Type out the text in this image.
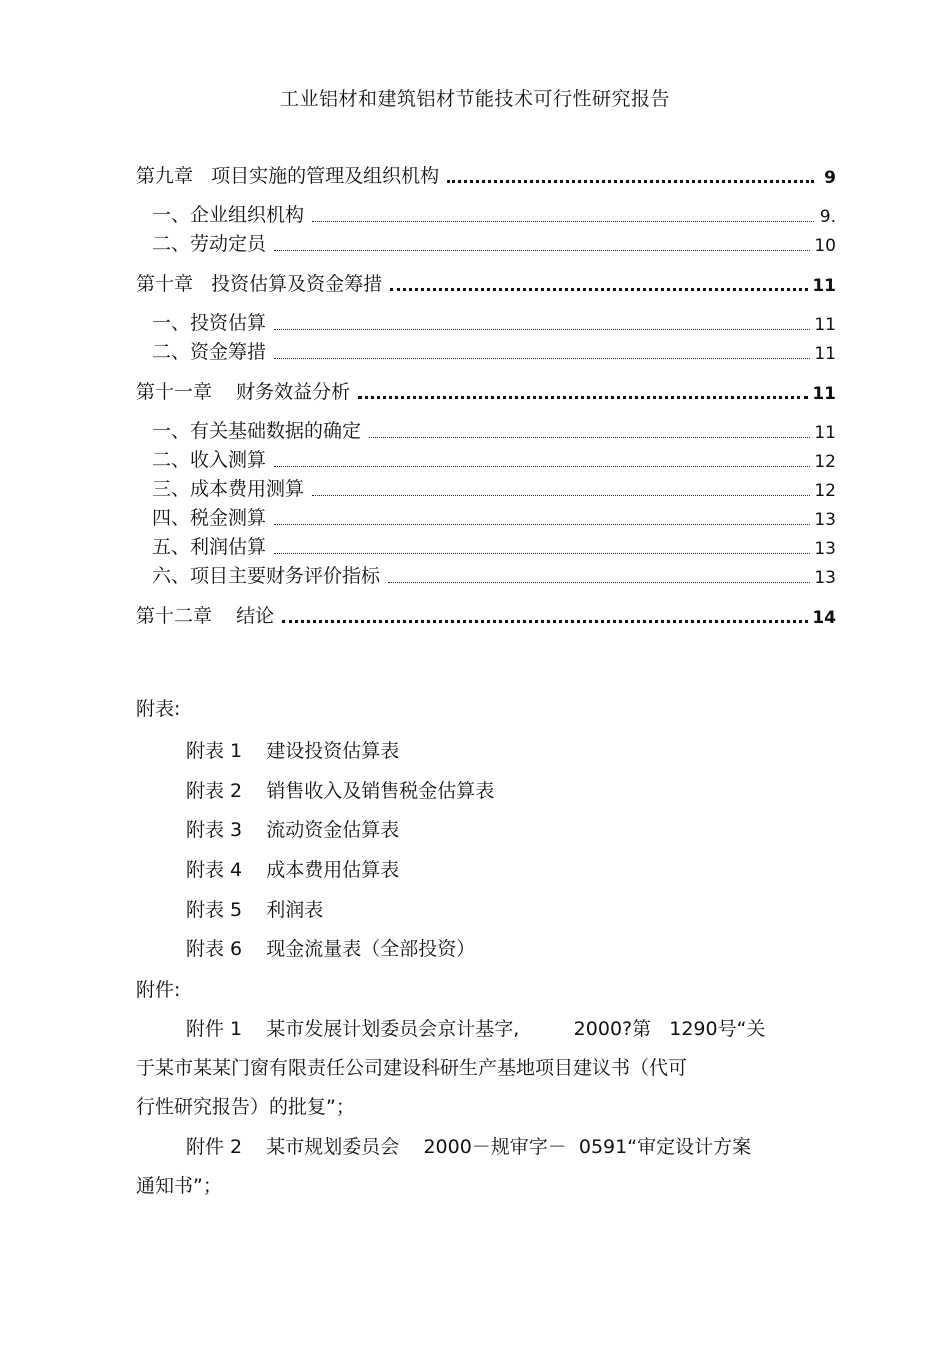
工业铝材和建筑铝材节能技术可行性研究报告
第九章   项目实施的管理及组织机构	9
一、企业组织机构	9.
二、劳动定员	10
第十章   投资估算及资金筹措	11
一、投资估算	11
二、资金筹措	11
第十一章    财务效益分析	11
一、有关基础数据的确定	11
二、收入测算	12
三、成本费用测算	12
四、税金测算	13
五、利润估算	13
六、项目主要财务评价指标	13
第十二章    结论	14
附表:
附表 1    建设投资估算表
附表 2    销售收入及销售税金估算表
附表 3    流动资金估算表
附表 4    成本费用估算表
附表 5    利润表
附表 6    现金流量表（全部投资）
附件:
附件 1    某市发展计划委员会京计基字,         2000?第   1290号“关
于某市某某门窗有限责任公司建设科研生产基地项目建议书（代可
行性研究报告）的批复”；
附件 2    某市规划委员会    2000－规审字－  0591“审定设计方案
通知书”；
